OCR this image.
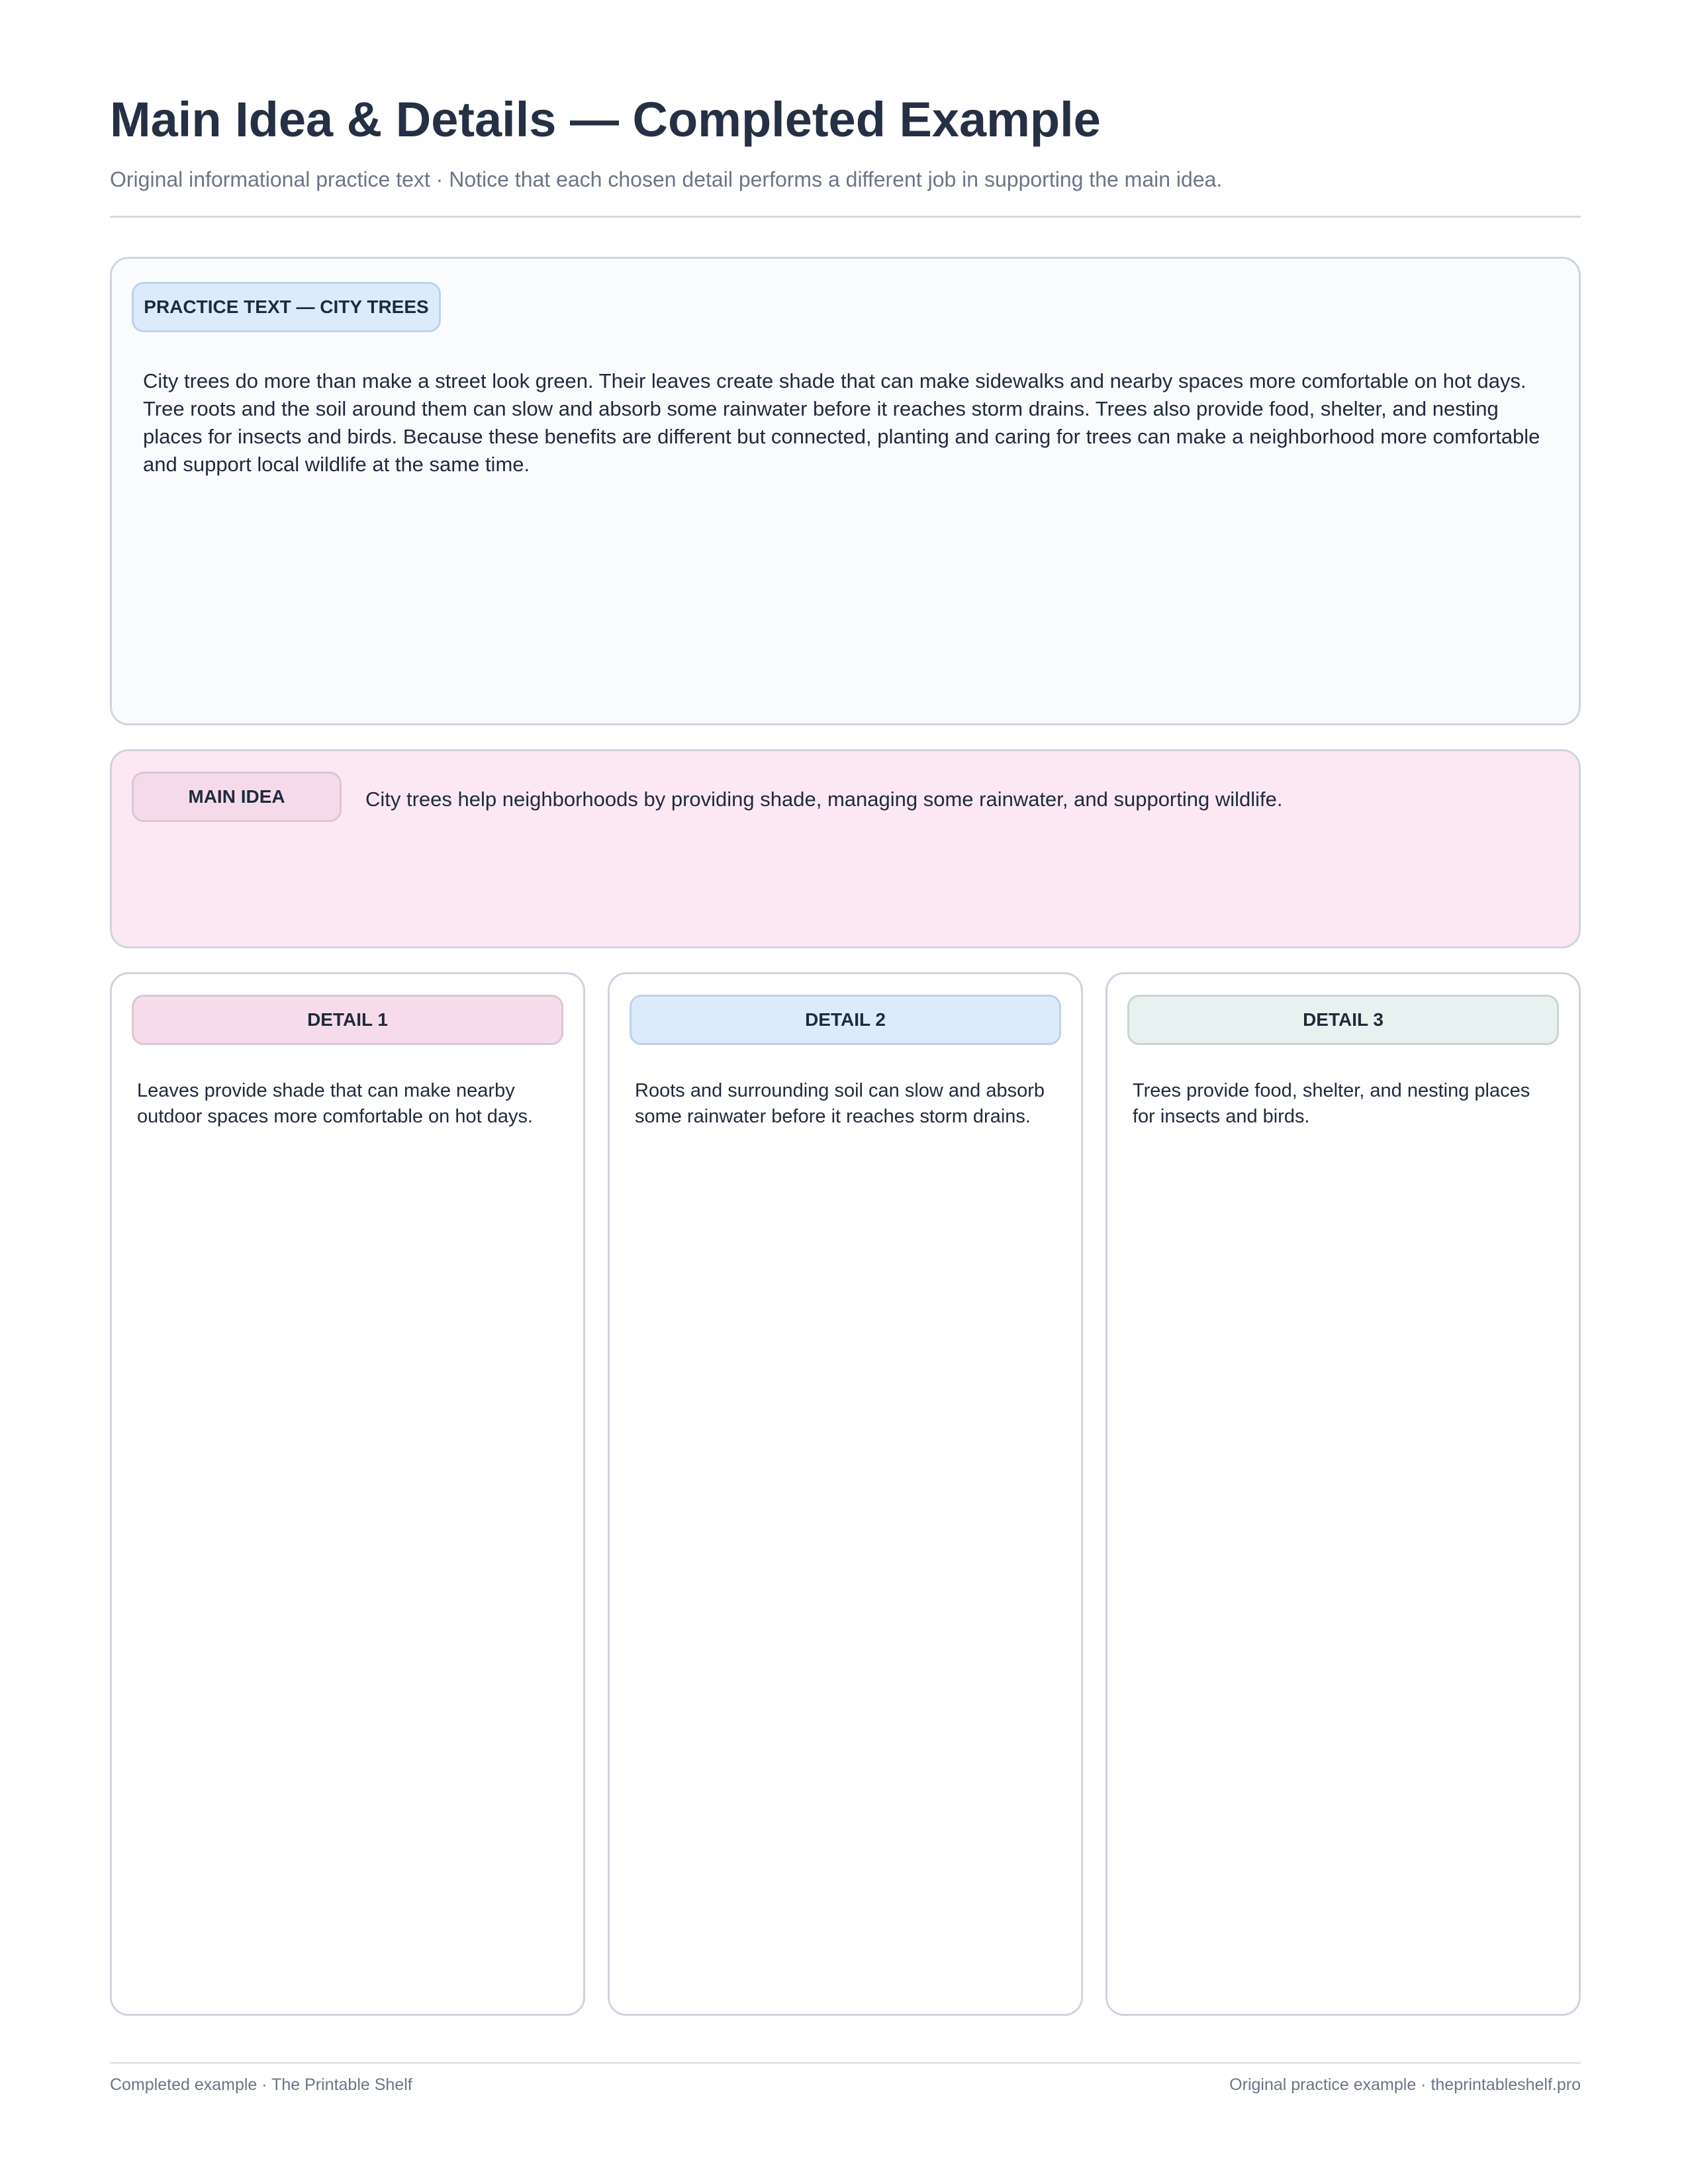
Main Idea & Details — Completed Example

Original informational practice text · Notice that each chosen detail performs a different job in supporting the main idea.

PRACTICE TEXT — CITY TREES

City trees do more than make a street look green. Their leaves create shade that can make sidewalks and nearby spaces more comfortable on hot days. Tree roots and the soil around them can slow and absorb some rainwater before it reaches storm drains. Trees also provide food, shelter, and nesting places for insects and birds. Because these benefits are different but connected, planting and caring for trees can make a neighborhood more comfortable and support local wildlife at the same time.

MAIN IDEA	City trees help neighborhoods by providing shade, managing some rainwater, and supporting wildlife.

DETAIL 1

Leaves provide shade that can make nearby outdoor spaces more comfortable on hot days.

DETAIL 2

Roots and surrounding soil can slow and absorb some rainwater before it reaches storm drains.

DETAIL 3

Trees provide food, shelter, and nesting places for insects and birds.

Completed example · The Printable Shelf	Original practice example · theprintableshelf.pro
